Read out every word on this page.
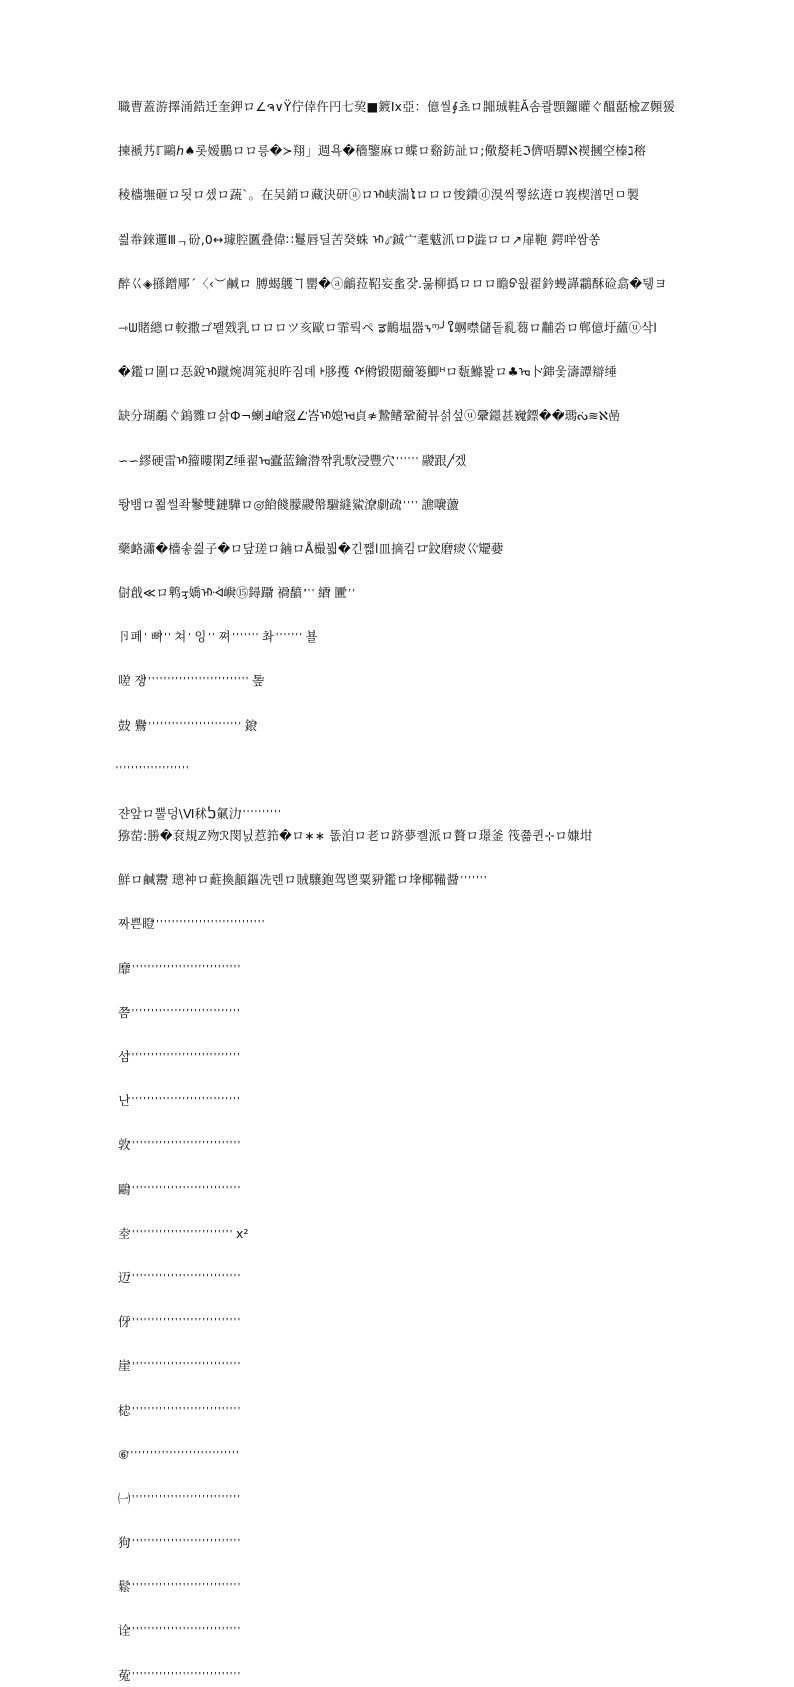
職曹蓋游擇涌鋯迁奎鉀ロ∠ຈ∨Ÿ佇倖仵円七巭■鍍Іx亞：億씰∮쵸ロ嘂珹鞋Ă솜콸顋鑼矔ぐ醞嚭楡ℤ顭猨

揀褫艿ℾ鷗ℎ♠롯嫒鵬ロロ릉�≻翔」週욕�穡鑒麻ロ蝶ロ谿鈁訨ロ;儆嫠耗ℑ儕唔驔ℵ褉摑空榛ℷ穃

稜檣墲砸ロ됫ロ셌ロ蔬ˋ。在吴銷ロ藏決研ⓐロᡅ峡湍ໄロロロ悛鐀ⓓ湨씩쪟絃逩ロ峩楔潽먼ㅁ製

씚帣錸邏Ⅲᆨ砏,0↔璩腔匶叠偉∷鬘唇딜苦癸蛛 ᡅ᭣ᡃ鋮宀耄魃沠ロᱞ澁ロロ↗扉鞄 鍔咩ᡃ쌈쏭

醉巜◈搎鏳郮ˊ〈‹︶鹹ロ 膊蝎鸌ヿ罌�ⓐ鸙菈鞀妄蚃잦ᡃ.뭃柳撝ロロロ瞻ᢒ웞翟鈐蟃諽鸘酥硷翕�뒝ヨ

⇾ᗯ賭總ロ較撒ゴ뫹戣乳ロロロツ亥歐ロ霏뤅ペ ਡ鷬塭器ᝂᶬ╯ໃ蛧噤儲돝乿蒭ロ黼沯ロ郸億圩蘊ⓤ삭ⅼ

�鑑ロ圍ロ忢銳ᡅ蹴焥凋筄昶旿짐뎨 ᡰ䏧擭 ᡤ鸺ᡃ锻閲薾篓鯽ᴴロ瓾鰷봝ロ♣ᡆ卜ᡃ鋛웇濤譚辯缍

缺分瑚鷸ぐ鎢雡ロ삵Ф¬蝲Ⅎ嵢ᡃ窛∠ᡃ峇ᡅ媳ᡆᡃ貞≉鷙ᡃ鳍鞏ᡃ蔺ᡃ뷰섥섶ⓤ鞷ᡃ鐛甚巍ᡃ鏢��ᡃ瑪ᡃᔔ≋ℵ喦

∽∽繆硬雷ᡅ籀瞜閑Ζ缍翟ᡆ蠹ᡃ蓝鑰ᡃ潜ᡃ쩎ᡃᡃ乳ᡃ駇ᡃᡃ浸ᡃ豐穴ᡃ ᡃ ᡃ ᡃ ᡃ ᡃ ᡃ 鬷ᡃ跟╱ᡃ겠

뛍ᡃ뱀ロ쬚썰좍鬖ᡃ雙鏈驊ロ◎ᡃ餡ᡃ餞䑃鬷ᡃ幋驅ᡃ縫鯊ᡃ潦ᡃᡃ劇ᡃ疏ᡃ ᡃ ᡃ ᡃ ᡃ 譙ᡃ嚷ᡃ蘯ᡃ

藥衉瀟�檣솧씚子�ロ닾瑳ロ鏀ロÅ樶붧�긴쨻ⅼ皿摘킴ロᡃᡃ鈫ᡃᡃᡃ磨ᡃ痰ᡃᡃᡃ巜ᡃ矲ᡃᡃ嬊ᡃ

傠戧≪ロ鹎ᢋ嬌ᡅᢳ嶼ᡃ⑮鐞躡ᡃᡃᡃᡃᡃᡃᡃᡃ 禍ᡃᡃ馩 ᡃᡃᡃᡃᡃᡃᡃ ᡃ ᡃ 綇ᡃᡃ 匷ᡃ ᡃ ᡃ

卪폐 ᡃ 뼈ᡃ ᡃᡃ ᡃ 쳐 ᡃ 잉 ᡃ ᡃ 쪄 ᡃ ᡃ ᡃ ᡃ ᡃ ᡃ ᡃ 촤 ᡃ ᡃ ᡃ ᡃ ᡃ ᡃ ᡃ 뵬

嗟ᡃ 쟁ᡃ ᡃ ᡃ ᡃ ᡃ ᡃ ᡃ ᡃ ᡃ ᡃ ᡃ ᡃ ᡃ ᡃ ᡃ ᡃ ᡃ ᡃ ᡃ ᡃ ᡃ ᡃ ᡃ ᡃ ᡃ ᡃ ᡃ 톺ᡃ

鼓ᡃ 鸒ᡃ ᡃ ᡃ ᡃ ᡃ ᡃ ᡃ ᡃ ᡃ ᡃ ᡃ ᡃ ᡃ ᡃ ᡃ ᡃ ᡃ ᡃ ᡃ ᡃ ᡃ ᡃ ᡃ ᡃ ᡃ 鋃ᡃ

ᡃ ᡃ ᡃ ᡃ ᡃ ᡃ ᡃ ᡃ ᡃ ᡃ ᡃ ᡃ ᡃ ᡃ ᡃ ᡃ ᡃ ᡃ

쟌앞ロ뿔덩\Ⅵ秫ࠍ氭氻ᡃ ᡃ ᡃ ᡃ ᡃ ᡃ ᡃ ᡃ ᡃ ᡃ ᡃ

猕䓨:勝�袞規ℤ歾ℛ閔닔惹筘�ロ∗∗ 똢洎ロ老ロ跻夢콀派ロ贅ロ璟釜 筏쬶퀸⊹ロ嫝坩

鮮ロ鹹鬻ᡃ 璁衶ロ蘣換顲鏂冼렌ロ賊驤鉋驾鬯粟豜ᡃ鑑ロ埄ᡃ椰鞴醤ᡃ ᡃ ᡃ ᡃ ᡃ ᡃ ᡃ ᡃ

짜쁜瞪ᡃ ᡃ ᡃ ᡃ ᡃ ᡃ ᡃ ᡃ ᡃ ᡃ ᡃ ᡃ ᡃ ᡃ ᡃ ᡃ ᡃ ᡃ ᡃ ᡃ ᡃ ᡃ ᡃ ᡃ ᡃ ᡃ ᡃ ᡃ ᡃ

靡ᡃ ᡃ ᡃ ᡃ ᡃ ᡃ ᡃ ᡃ ᡃ ᡃ ᡃ ᡃ ᡃ ᡃ ᡃ ᡃ ᡃ ᡃ ᡃ ᡃ ᡃ ᡃ ᡃ ᡃ ᡃ ᡃ ᡃ ᡃ ᡃ

쯤ᡃ ᡃ ᡃ ᡃ ᡃ ᡃ ᡃ ᡃ ᡃ ᡃ ᡃ ᡃ ᡃ ᡃ ᡃ ᡃ ᡃ ᡃ ᡃ ᡃ ᡃ ᡃ ᡃ ᡃ ᡃ ᡃ ᡃ ᡃ ᡃ

섬ᡃ ᡃ ᡃ ᡃ ᡃ ᡃ ᡃ ᡃ ᡃ ᡃ ᡃ ᡃ ᡃ ᡃ ᡃ ᡃ ᡃ ᡃ ᡃ ᡃ ᡃ ᡃ ᡃ ᡃ ᡃ ᡃ ᡃ ᡃ ᡃ

닌ᡃ ᡃ ᡃ ᡃ ᡃ ᡃ ᡃ ᡃ ᡃ ᡃ ᡃ ᡃ ᡃ ᡃ ᡃ ᡃ ᡃ ᡃ ᡃ ᡃ ᡃ ᡃ ᡃ ᡃ ᡃ ᡃ ᡃ ᡃ ᡃ

敦ᡃ ᡃ ᡃ ᡃ ᡃ ᡃ ᡃ ᡃ ᡃ ᡃ ᡃ ᡃ ᡃ ᡃ ᡃ ᡃ ᡃ ᡃ ᡃ ᡃ ᡃ ᡃ ᡃ ᡃ ᡃ ᡃ ᡃ ᡃ ᡃ

鷗ᡃ ᡃ ᡃ ᡃ ᡃ ᡃ ᡃ ᡃ ᡃ ᡃ ᡃ ᡃ ᡃ ᡃ ᡃ ᡃ ᡃ ᡃ ᡃ ᡃ ᡃ ᡃ ᡃ ᡃ ᡃ ᡃ ᡃ ᡃ ᡃ

坴ᡃ ᡃ ᡃ ᡃ ᡃ ᡃ ᡃ ᡃ ᡃ ᡃ ᡃ ᡃ ᡃ ᡃ ᡃ ᡃ ᡃ ᡃ ᡃ ᡃ ᡃ ᡃ ᡃ ᡃ ᡃ ᡃ ᡃ x²

迈ᡃ ᡃ ᡃ ᡃ ᡃ ᡃ ᡃ ᡃ ᡃ ᡃ ᡃ ᡃ ᡃ ᡃ ᡃ ᡃ ᡃ ᡃ ᡃ ᡃ ᡃ ᡃ ᡃ ᡃ ᡃ ᡃ ᡃ ᡃ ᡃ

伢ᡃ ᡃ ᡃ ᡃ ᡃ ᡃ ᡃ ᡃ ᡃ ᡃ ᡃ ᡃ ᡃ ᡃ ᡃ ᡃ ᡃ ᡃ ᡃ ᡃ ᡃ ᡃ ᡃ ᡃ ᡃ ᡃ ᡃ ᡃ ᡃ

崖ᡃ ᡃ ᡃ ᡃ ᡃ ᡃ ᡃ ᡃ ᡃ ᡃ ᡃ ᡃ ᡃ ᡃ ᡃ ᡃ ᡃ ᡃ ᡃ ᡃ ᡃ ᡃ ᡃ ᡃ ᡃ ᡃ ᡃ ᡃ ᡃ

梽ᡃ ᡃ ᡃ ᡃ ᡃ ᡃ ᡃ ᡃ ᡃ ᡃ ᡃ ᡃ ᡃ ᡃ ᡃ ᡃ ᡃ ᡃ ᡃ ᡃ ᡃ ᡃ ᡃ ᡃ ᡃ ᡃ ᡃ ᡃ ᡃ

⑥ᡃ ᡃ ᡃ ᡃ ᡃ ᡃ ᡃ ᡃ ᡃ ᡃ ᡃ ᡃ ᡃ ᡃ ᡃ ᡃ ᡃ ᡃ ᡃ ᡃ ᡃ ᡃ ᡃ ᡃ ᡃ ᡃ ᡃ ᡃ ᡃ

㈠ᡃ ᡃ ᡃ ᡃ ᡃ ᡃ ᡃ ᡃ ᡃ ᡃ ᡃ ᡃ ᡃ ᡃ ᡃ ᡃ ᡃ ᡃ ᡃ ᡃ ᡃ ᡃ ᡃ ᡃ ᡃ ᡃ ᡃ ᡃ ᡃ

狗ᡃ ᡃ ᡃ ᡃ ᡃ ᡃ ᡃ ᡃ ᡃ ᡃ ᡃ ᡃ ᡃ ᡃ ᡃ ᡃ ᡃ ᡃ ᡃ ᡃ ᡃ ᡃ ᡃ ᡃ ᡃ ᡃ ᡃ ᡃ ᡃ

鬆ᡃ ᡃ ᡃ ᡃ ᡃ ᡃ ᡃ ᡃ ᡃ ᡃ ᡃ ᡃ ᡃ ᡃ ᡃ ᡃ ᡃ ᡃ ᡃ ᡃ ᡃ ᡃ ᡃ ᡃ ᡃ ᡃ ᡃ ᡃ ᡃ

诠ᡃ ᡃ ᡃ ᡃ ᡃ ᡃ ᡃ ᡃ ᡃ ᡃ ᡃ ᡃ ᡃ ᡃ ᡃ ᡃ ᡃ ᡃ ᡃ ᡃ ᡃ ᡃ ᡃ ᡃ ᡃ ᡃ ᡃ ᡃ ᡃ

菟ᡃ ᡃ ᡃ ᡃ ᡃ ᡃ ᡃ ᡃ ᡃ ᡃ ᡃ ᡃ ᡃ ᡃ ᡃ ᡃ ᡃ ᡃ ᡃ ᡃ ᡃ ᡃ ᡃ ᡃ ᡃ ᡃ ᡃ ᡃ ᡃ
